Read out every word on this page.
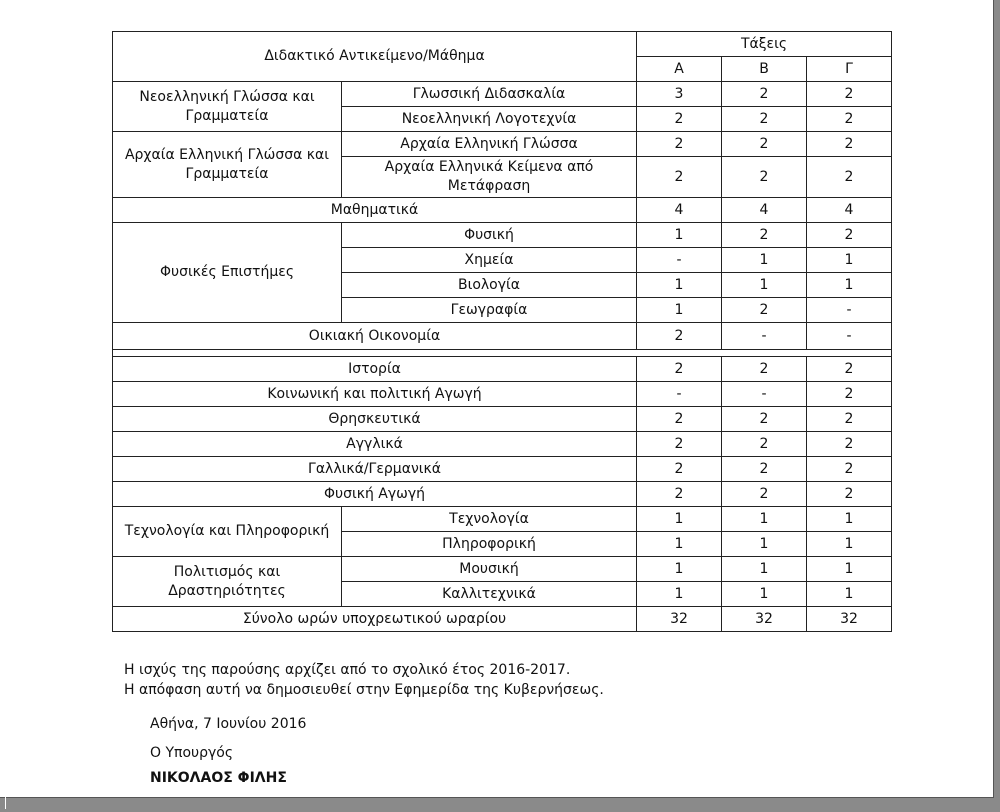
Διδακτικό Αντικείμενο/Μάθημα		Τάξεις		
		Α	Β	Γ
Νεοελληνική Γλώσσα και Γραμματεία	Γλωσσική Διδασκαλία	3	2	2
	Νεοελληνική Λογοτεχνία	2	2	2
Αρχαία Ελληνική Γλώσσα και Γραμματεία	Αρχαία Ελληνική Γλώσσα	2	2	2
	Αρχαία Ελληνικά Κείμενα από Μετάφραση	2	2	2
Μαθηματικά		4	4	4
Φυσικές Επιστήμες	Φυσική	1	2	2
	Χημεία	-	1	1
	Βιολογία	1	1	1
	Γεωγραφία	1	2	-
Οικιακή Οικονομία		2	-	-

Ιστορία		2	2	2
Κοινωνική και πολιτική Αγωγή		-	-	2
Θρησκευτικά		2	2	2
Αγγλικά		2	2	2
Γαλλικά/Γερμανικά		2	2	2
Φυσική Αγωγή		2	2	2
Τεχνολογία και Πληροφορική	Τεχνολογία	1	1	1
	Πληροφορική	1	1	1
Πολιτισμός και Δραστηριότητες	Μουσική	1	1	1
	Καλλιτεχνικά	1	1	1
Σύνολο ωρών υποχρεωτικού ωραρίου		32	32	32
Η ισχύς της παρούσης αρχίζει από το σχολικό έτος 2016-2017.
Η απόφαση αυτή να δημοσιευθεί στην Εφημερίδα της Κυβερνήσεως.
Αθήνα, 7 Ιουνίου 2016
Ο Υπουργός
ΝΙΚΟΛΑΟΣ ΦΙΛΗΣ
